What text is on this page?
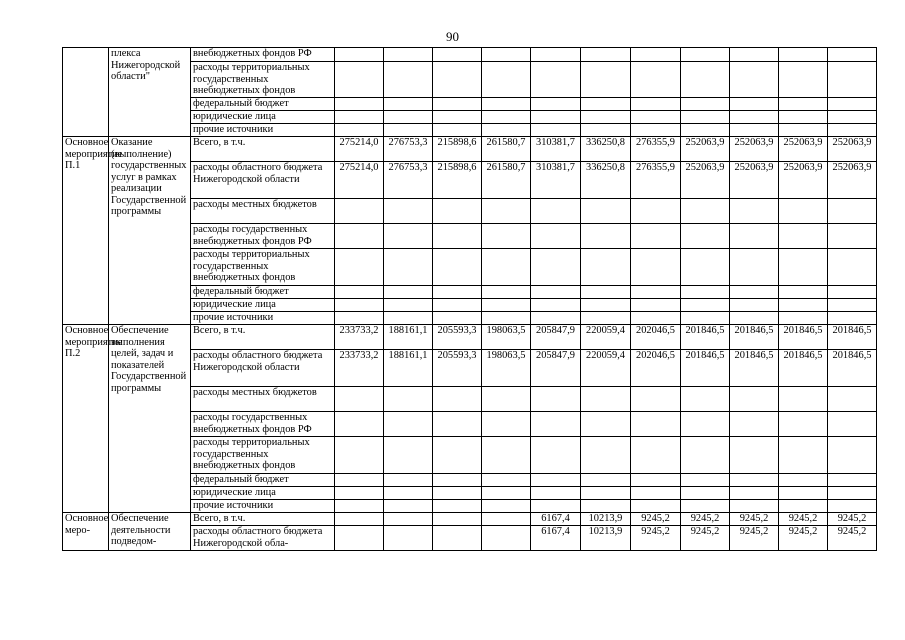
90
	плекса Нижегородской области"	внебюджетных фондов РФ											
		расходы территориальных государственных внебюджетных фондов											
		федеральный бюджет											
		юридические лица											
		прочие источники											
Основное мероприятие П.1	Оказание (выполнение) государственных услуг в рамках реализации Государственной программы	Всего, в т.ч.	275214,0	276753,3	215898,6	261580,7	310381,7	336250,8	276355,9	252063,9	252063,9	252063,9	252063,9

		расходы областного бюджета Нижегородской области	275214,0	276753,3	215898,6	261580,7	310381,7	336250,8	276355,9	252063,9	252063,9	252063,9	252063,9

		расходы местных бюджетов											
		расходы государственных внебюджетных фондов РФ											
		расходы территориальных государственных внебюджетных фондов											
		федеральный бюджет											
		юридические лица											
		прочие источники											
Основное мероприятие П.2	Обеспечение выполнения целей, задач и показателей Государственной программы	Всего, в т.ч.	233733,2	188161,1	205593,3	198063,5	205847,9	220059,4	202046,5	201846,5	201846,5	201846,5	201846,5

		расходы областного бюджета Нижегородской области	233733,2	188161,1	205593,3	198063,5	205847,9	220059,4	202046,5	201846,5	201846,5	201846,5	201846,5

		расходы местных бюджетов											
		расходы государственных внебюджетных фондов РФ											
		расходы территориальных государственных внебюджетных фондов											
		федеральный бюджет											
		юридические лица											
		прочие источники											
Основное меро-	Обеспечение деятельности подведом-	Всего, в т.ч.					6167,4	10213,9	9245,2	9245,2	9245,2	9245,2	9245,2

		расходы областного бюджета Нижегородской обла-					6167,4	10213,9	9245,2	9245,2	9245,2	9245,2	9245,2
